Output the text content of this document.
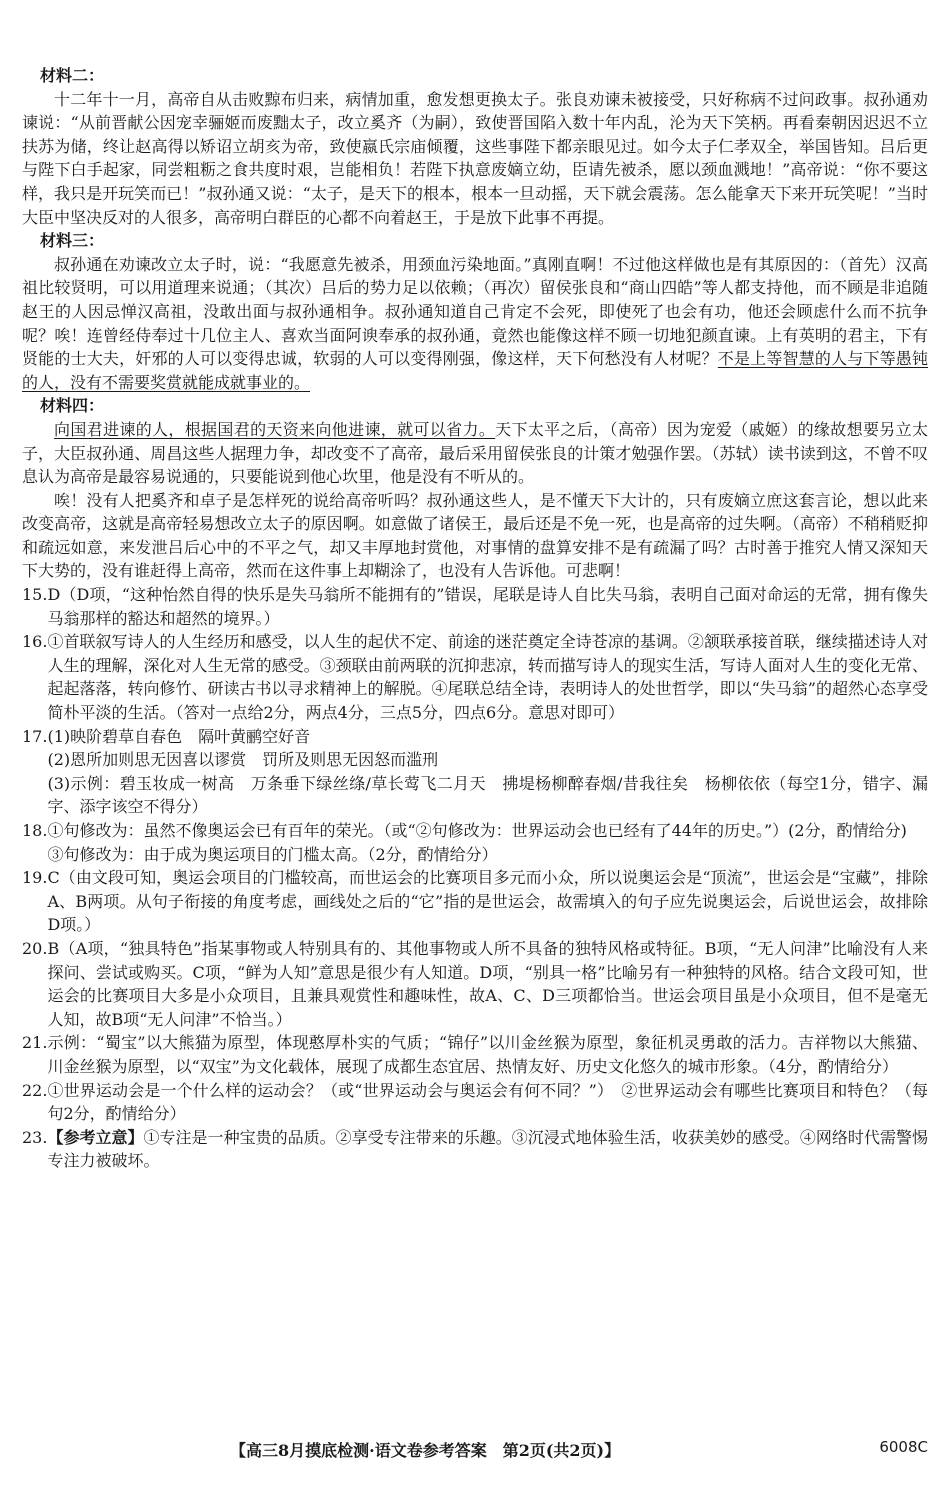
材料二：

十二年十一月，高帝自从击败黥布归来，病情加重，愈发想更换太子。张良劝谏未被接受，只好称病不过问政事。叔孙通劝谏说：“从前晋献公因宠幸骊姬而废黜太子，改立奚齐（为嗣），致使晋国陷入数十年内乱，沦为天下笑柄。再看秦朝因迟迟不立扶苏为储，终让赵高得以矫诏立胡亥为帝，致使嬴氏宗庙倾覆，这些事陛下都亲眼见过。如今太子仁孝双全，举国皆知。吕后更与陛下白手起家，同尝粗粝之食共度时艰，岂能相负！若陛下执意废嫡立幼，臣请先被杀，愿以颈血溅地！”高帝说：“你不要这样，我只是开玩笑而已！”叔孙通又说：“太子，是天下的根本，根本一旦动摇，天下就会震荡。怎么能拿天下来开玩笑呢！”当时大臣中坚决反对的人很多，高帝明白群臣的心都不向着赵王，于是放下此事不再提。

材料三：

叔孙通在劝谏改立太子时，说：“我愿意先被杀，用颈血污染地面。”真刚直啊！不过他这样做也是有其原因的：（首先）汉高祖比较贤明，可以用道理来说通；（其次）吕后的势力足以依赖；（再次）留侯张良和“商山四皓”等人都支持他，而不顾是非追随赵王的人因忌惮汉高祖，没敢出面与叔孙通相争。叔孙通知道自己肯定不会死，即使死了也会有功，他还会顾虑什么而不抗争呢？唉！连曾经侍奉过十几位主人、喜欢当面阿谀奉承的叔孙通，竟然也能像这样不顾一切地犯颜直谏。上有英明的君主，下有贤能的士大夫，奸邪的人可以变得忠诚，软弱的人可以变得刚强，像这样，天下何愁没有人材呢？不是上等智慧的人与下等愚钝的人，没有不需要奖赏就能成就事业的。

材料四：

向国君进谏的人，根据国君的天资来向他进谏，就可以省力。天下太平之后，（高帝）因为宠爱（戚姬）的缘故想要另立太子，大臣叔孙通、周昌这些人据理力争，却改变不了高帝，最后采用留侯张良的计策才勉强作罢。（苏轼）读书读到这，不曾不叹息认为高帝是最容易说通的，只要能说到他心坎里，他是没有不听从的。

唉！没有人把奚齐和卓子是怎样死的说给高帝听吗？叔孙通这些人，是不懂天下大计的，只有废嫡立庶这套言论，想以此来改变高帝，这就是高帝轻易想改立太子的原因啊。如意做了诸侯王，最后还是不免一死，也是高帝的过失啊。（高帝）不稍稍贬抑和疏远如意，来发泄吕后心中的不平之气，却又丰厚地封赏他，对事情的盘算安排不是有疏漏了吗？古时善于推究人情又深知天下大势的，没有谁赶得上高帝，然而在这件事上却糊涂了，也没有人告诉他。可悲啊！

15. D（D项，“这种怡然自得的快乐是失马翁所不能拥有的”错误，尾联是诗人自比失马翁，表明自己面对命运的无常，拥有像失马翁那样的豁达和超然的境界。）

16. ①首联叙写诗人的人生经历和感受，以人生的起伏不定、前途的迷茫奠定全诗苍凉的基调。②颔联承接首联，继续描述诗人对人生的理解，深化对人生无常的感受。③颈联由前两联的沉抑悲凉，转而描写诗人的现实生活，写诗人面对人生的变化无常、起起落落，转向修竹、研读古书以寻求精神上的解脱。④尾联总结全诗，表明诗人的处世哲学，即以“失马翁”的超然心态享受简朴平淡的生活。（答对一点给2分，两点4分，三点5分，四点6分。意思对即可）

17. (1)映阶碧草自春色　隔叶黄鹂空好音

(2)恩所加则思无因喜以谬赏　罚所及则思无因怒而滥刑

(3)示例：碧玉妆成一树高　万条垂下绿丝绦/草长莺飞二月天　拂堤杨柳醉春烟/昔我往矣　杨柳依依（每空1分，错字、漏字、添字该空不得分）

18. ①句修改为：虽然不像奥运会已有百年的荣光。（或“②句修改为：世界运动会也已经有了44年的历史。”）(2分，酌情给分)

③句修改为：由于成为奥运项目的门槛太高。（2分，酌情给分）

19. C（由文段可知，奥运会项目的门槛较高，而世运会的比赛项目多元而小众，所以说奥运会是“顶流”，世运会是“宝藏”，排除A、B两项。从句子衔接的角度考虑，画线处之后的“它”指的是世运会，故需填入的句子应先说奥运会，后说世运会，故排除D项。）

20. B（A项，“独具特色”指某事物或人特别具有的、其他事物或人所不具备的独特风格或特征。B项，“无人问津”比喻没有人来探问、尝试或购买。C项，“鲜为人知”意思是很少有人知道。D项，“别具一格”比喻另有一种独特的风格。结合文段可知，世运会的比赛项目大多是小众项目，且兼具观赏性和趣味性，故A、C、D三项都恰当。世运会项目虽是小众项目，但不是毫无人知，故B项“无人问津”不恰当。）

21. 示例：“蜀宝”以大熊猫为原型，体现憨厚朴实的气质；“锦仔”以川金丝猴为原型，象征机灵勇敢的活力。吉祥物以大熊猫、川金丝猴为原型，以“双宝”为文化载体，展现了成都生态宜居、热情友好、历史文化悠久的城市形象。（4分，酌情给分）

22. ①世界运动会是一个什么样的运动会？（或“世界运动会与奥运会有何不同？”）　②世界运动会有哪些比赛项目和特色？（每句2分，酌情给分）

23. 【参考立意】①专注是一种宝贵的品质。②享受专注带来的乐趣。③沉浸式地体验生活，收获美妙的感受。④网络时代需警惕专注力被破坏。

【高三8月摸底检测·语文卷参考答案　第2页(共2页)】	6008C
